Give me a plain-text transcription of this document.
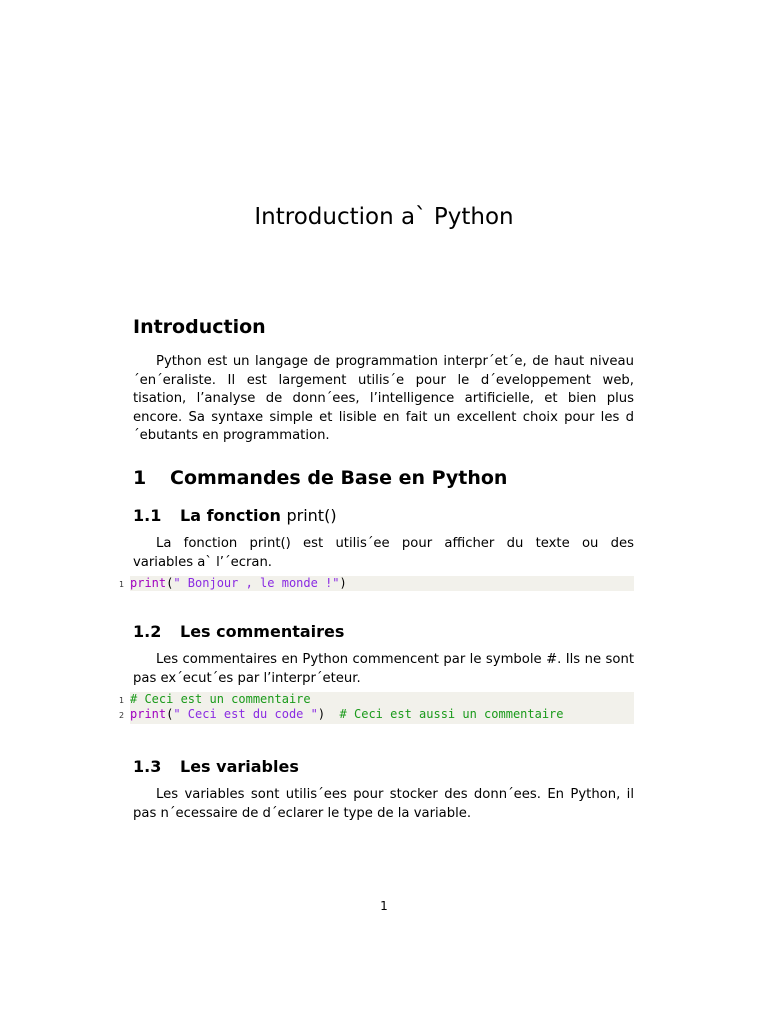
Introduction a` Python
Introduction
Python est un langage de programmation interpr´et´e, de haut niveau
´en´eraliste. Il est largement utilis´e pour le d´eveloppement web,
tisation, l’analyse de donn´ees, l’intelligence artificielle, et bien plus
encore. Sa syntaxe simple et lisible en fait un excellent choix pour les d
´ebutants en programmation.
1 Commandes de Base en Python
1.1 La fonction print()
La fonction print() est utilis´ee pour afficher du texte ou des
variables a` l’´ecran.
1 print(" Bonjour , le monde !")
1.2 Les commentaires
Les commentaires en Python commencent par le symbole #. Ils ne sont
pas ex´ecut´es par l’interpr´eteur.
1 # Ceci est un commentaire
2 print(" Ceci est du code ")  # Ceci est aussi un commentaire
1.3 Les variables
Les variables sont utilis´ees pour stocker des donn´ees. En Python, il
pas n´ecessaire de d´eclarer le type de la variable.
1
